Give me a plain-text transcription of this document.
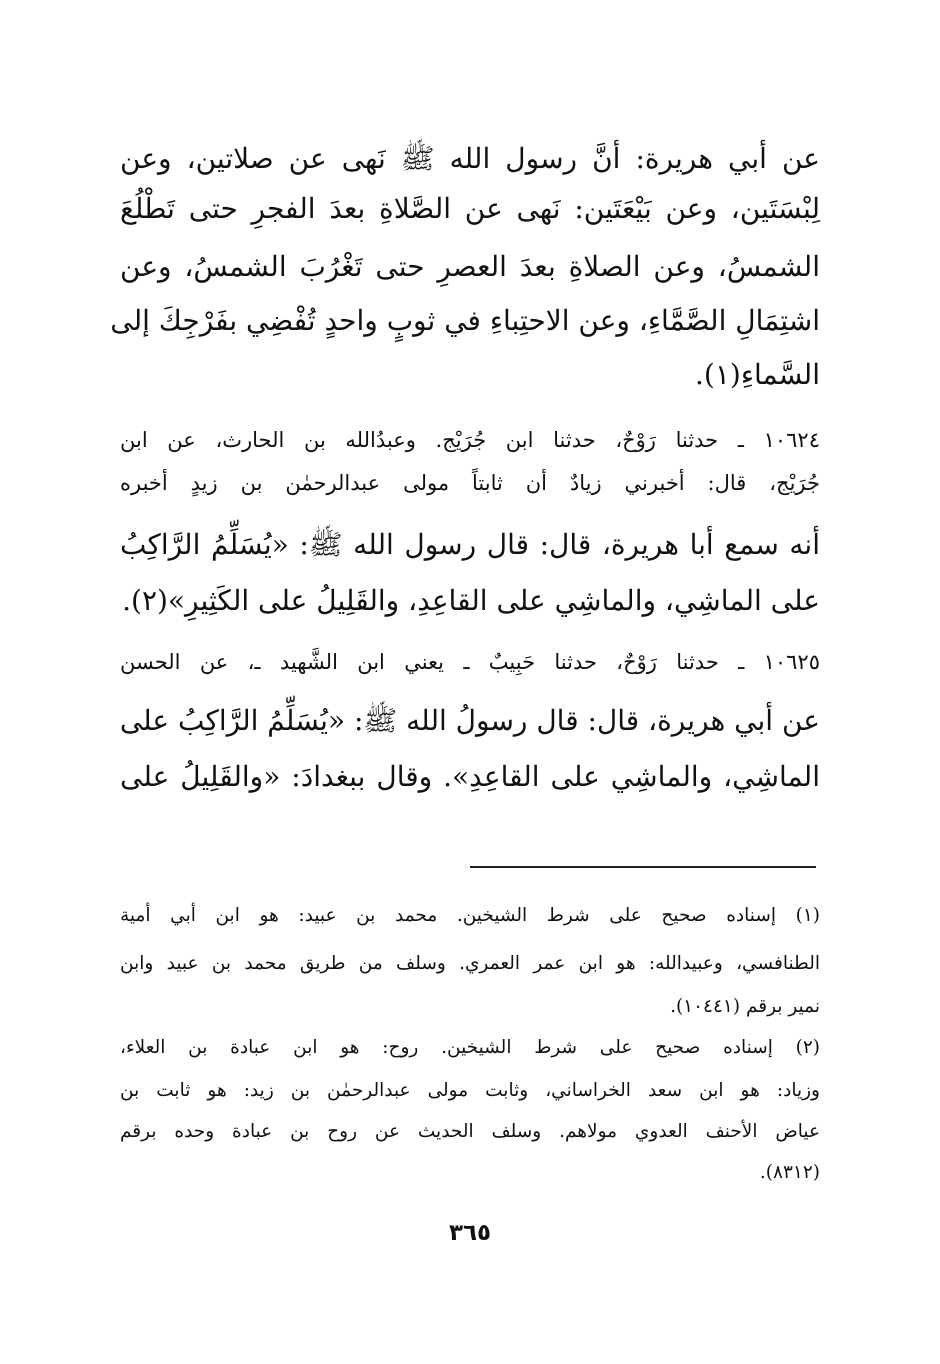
عن أبي هريرة: أنَّ رسول الله ﷺ نَهى عن صلاتين، وعن
لِبْسَتَين، وعن بَيْعَتَين: نَهى عن الصَّلاةِ بعدَ الفجرِ حتى تَطْلُعَ
الشمسُ، وعن الصلاةِ بعدَ العصرِ حتى تَغْرُبَ الشمسُ، وعن
اشتِمَالِ الصَّمَّاءِ، وعن الاحتِباءِ في ثوبٍ واحدٍ تُفْضِي بفَرْجِكَ إلى
السَّماءِ(١).
١٠٦٢٤ ـ حدثنا رَوْحٌ، حدثنا ابن جُرَيْج. وعبدُالله بن الحارث، عن ابن
جُرَيْج، قال: أخبرني زيادٌ أن ثابتاً مولى عبدالرحمٰن بن زيدٍ أخبره
أنه سمع أبا هريرة، قال: قال رسول الله ﷺ: «يُسَلِّمُ الرَّاكِبُ
على الماشِي، والماشِي على القاعِدِ، والقَلِيلُ على الكَثِيرِ»(٢).
١٠٦٢٥ ـ حدثنا رَوْحٌ، حدثنا حَبِيبٌ ـ يعني ابن الشَّهيد ـ، عن الحسن
عن أبي هريرة، قال: قال رسولُ الله ﷺ: «يُسَلِّمُ الرَّاكِبُ على
الماشِي، والماشِي على القاعِدِ». وقال ببغدادَ: «والقَلِيلُ على
(١) إسناده صحيح على شرط الشيخين. محمد بن عبيد: هو ابن أبي أمية
الطنافسي، وعبيدالله: هو ابن عمر العمري. وسلف من طريق محمد بن عبيد وابن
نمير برقم (١٠٤٤١).
(٢) إسناده صحيح على شرط الشيخين. روح: هو ابن عبادة بن العلاء،
وزياد: هو ابن سعد الخراساني، وثابت مولى عبدالرحمٰن بن زيد: هو ثابت بن
عياض الأحنف العدوي مولاهم. وسلف الحديث عن روح بن عبادة وحده برقم
(٨٣١٢).
٣٦٥
